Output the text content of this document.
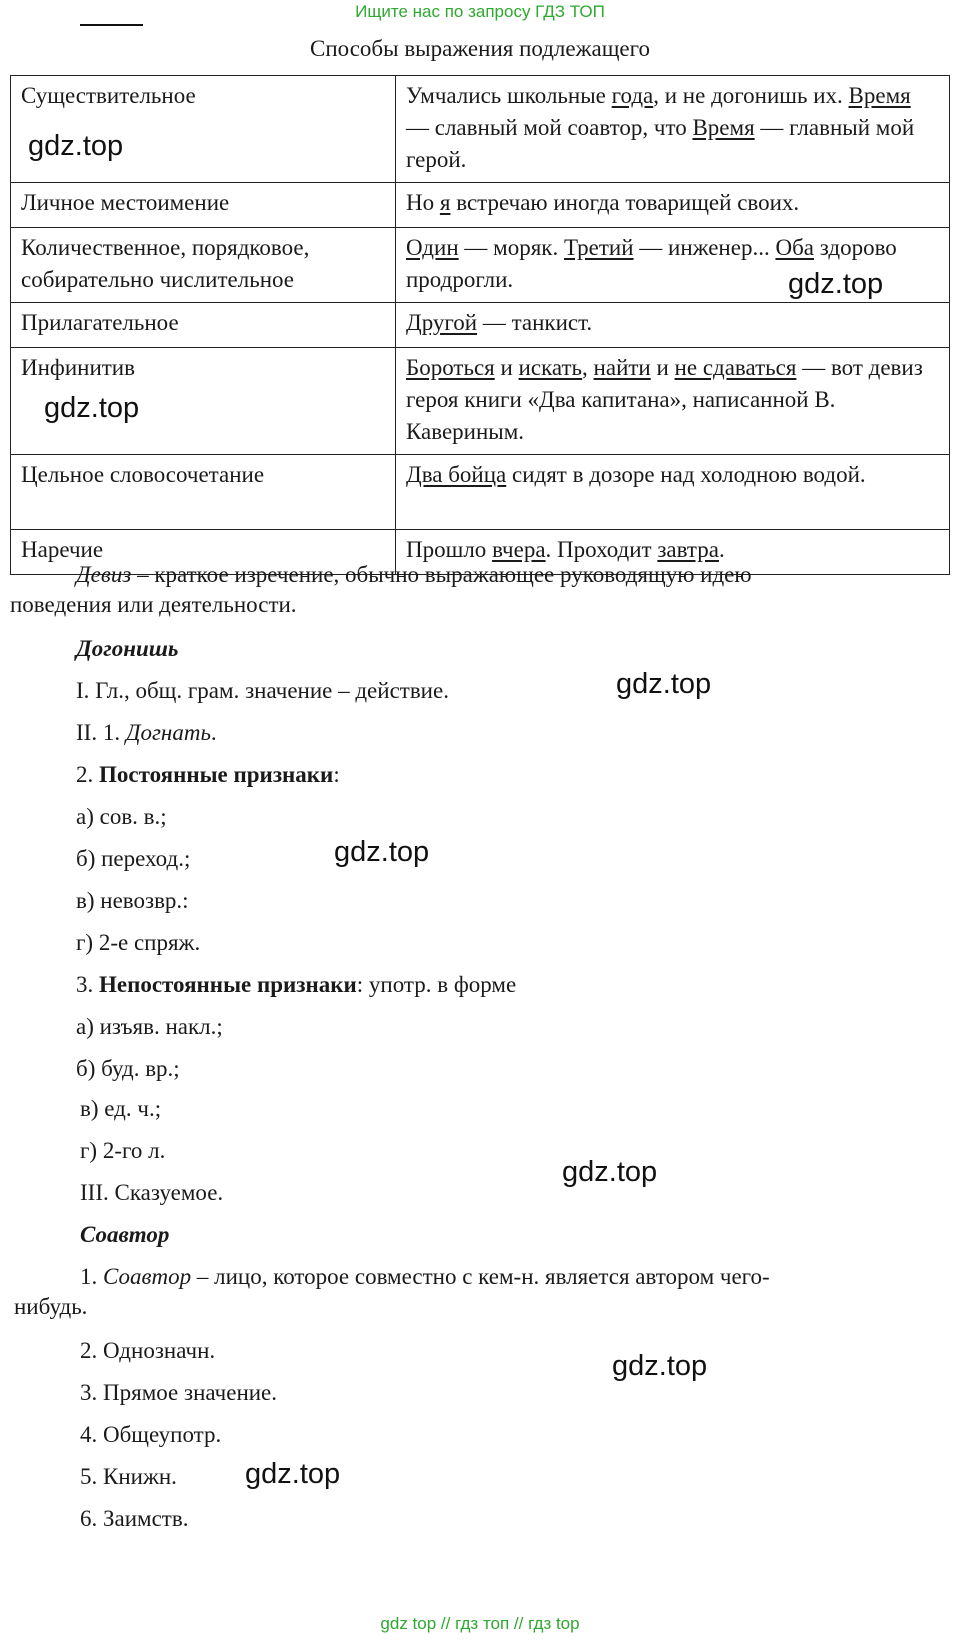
Ищите нас по запросу ГДЗ ТОП
Способы выражения подлежащего
Существительное	Умчались школьные года, и не догонишь их. Время — славный мой соавтор, что Время — главный мой герой.
Личное местоимение	Но я встречаю иногда товарищей своих.
Количественное, порядковое, собирательно числительное	Один — моряк. Третий — инженер... Оба здорово продрогли.
Прилагательное	Другой — танкист.
Инфинитив	Бороться и искать, найти и не сдаваться — вот девиз героя книги «Два капитана», написанной В. Кавериным.
Цельное словосочетание	Два бойца сидят в дозоре над холодною водой.
Наречие	Прошло вчера. Проходит завтра.
Девиз – краткое изречение, обычно выражающее руководящую идею
поведения или деятельности.
Догонишь
I. Гл., общ. грам. значение – действие.
II. 1. Догнать.
2. Постоянные признаки:
а) сов. в.;
б) переход.;
в) невозвр.:
г) 2-е спряж.
3. Непостоянные признаки: употр. в форме
а) изъяв. накл.;
б) буд. вр.;
в) ед. ч.;
г) 2-го л.
III. Сказуемое.
Соавтор
1. Соавтор – лицо, которое совместно с кем-н. является автором чего-
нибудь.
2. Однозначн.
3. Прямое значение.
4. Общеупотр.
5. Книжн.
6. Заимств.
gdz.top
gdz.top
gdz.top
gdz.top
gdz.top
gdz.top
gdz.top
gdz.top
gdz top // гдз топ // гдз top
